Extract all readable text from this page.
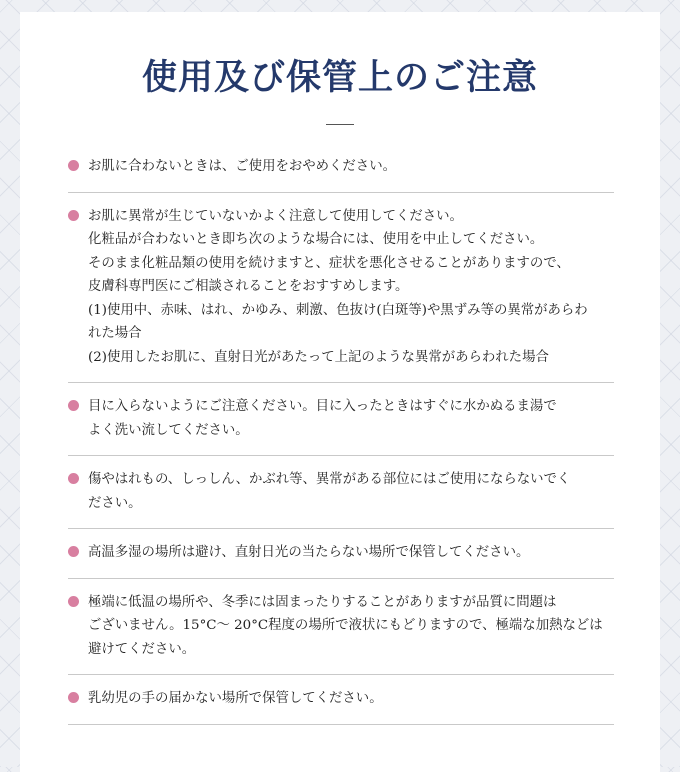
使用及び保管上のご注意
お肌に合わないときは、ご使用をおやめください。
お肌に異常が生じていないかよく注意して使用してください。
化粧品が合わないとき即ち次のような場合には、使用を中止してください。
そのまま化粧品類の使用を続けますと、症状を悪化させることがありますので、
皮膚科専門医にご相談されることをおすすめします。
(1)使用中、赤味、はれ、かゆみ、刺激、色抜け(白斑等)や黒ずみ等の異常があらわ
れた場合
(2)使用したお肌に、直射日光があたって上記のような異常があらわれた場合
目に入らないようにご注意ください。目に入ったときはすぐに水かぬるま湯で
よく洗い流してください。
傷やはれもの、しっしん、かぶれ等、異常がある部位にはご使用にならないでく
ださい。
高温多湿の場所は避け、直射日光の当たらない場所で保管してください。
極端に低温の場所や、冬季には固まったりすることがありますが品質に問題は
ございません。15°C～ 20°C程度の場所で液状にもどりますので、極端な加熱などは
避けてください。
乳幼児の手の届かない場所で保管してください。
